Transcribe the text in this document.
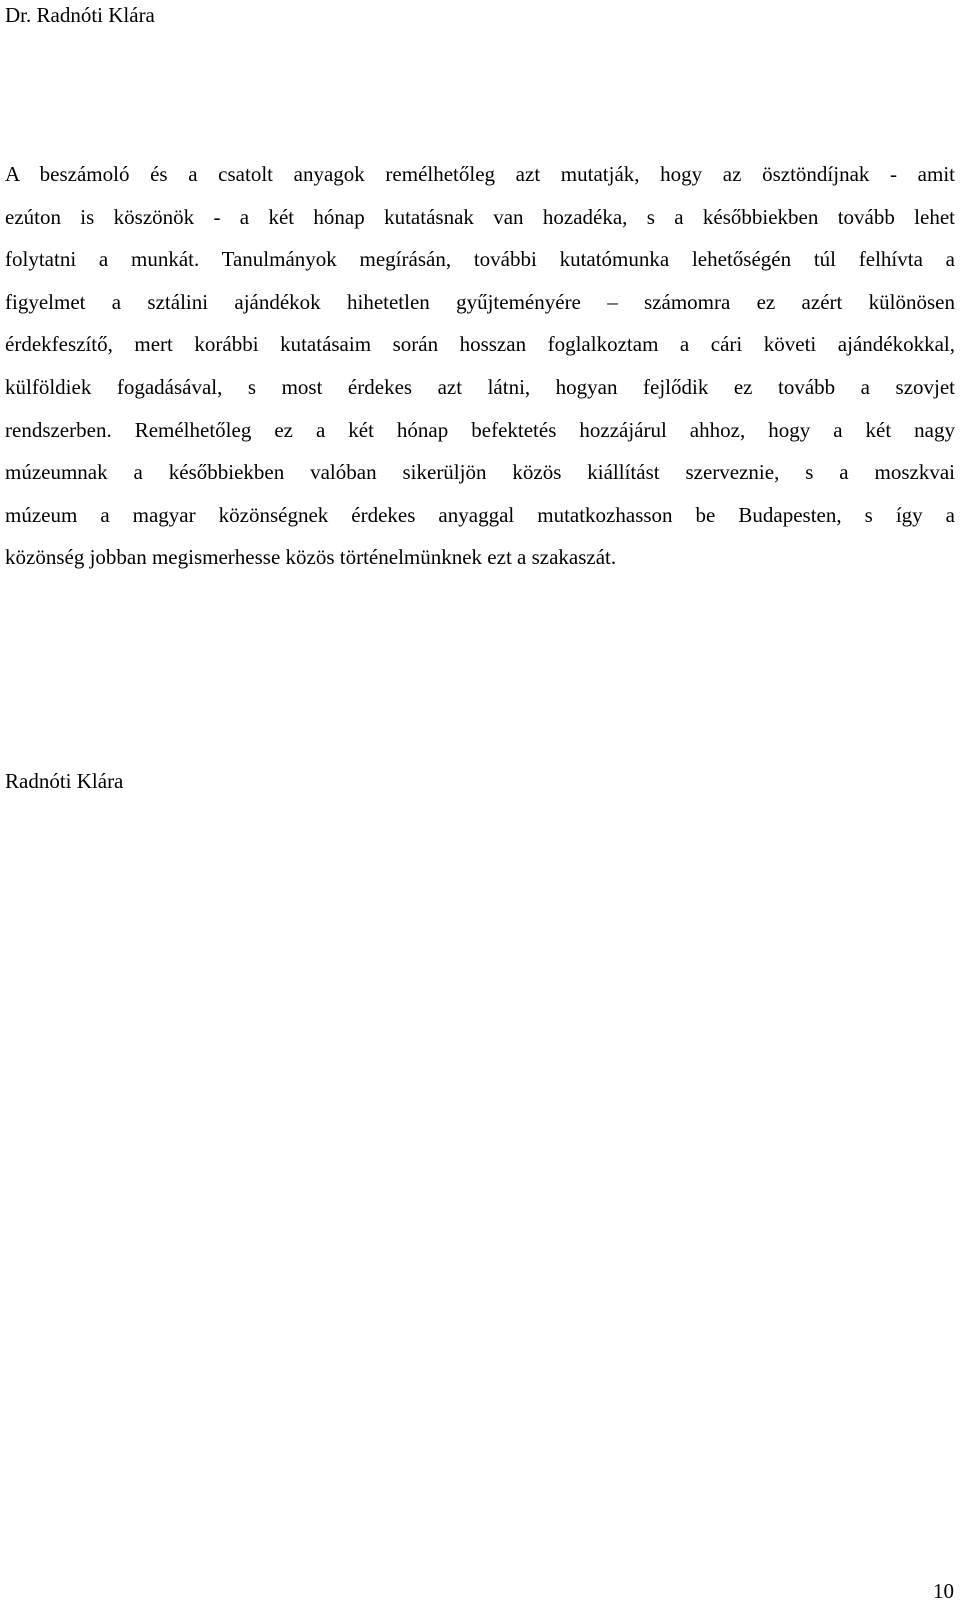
Dr. Radnóti Klára
A beszámoló és a csatolt anyagok remélhetőleg azt mutatják, hogy az ösztöndíjnak - amit
ezúton is köszönök - a két hónap kutatásnak van hozadéka, s a későbbiekben tovább lehet
folytatni a munkát. Tanulmányok megírásán, további kutatómunka lehetőségén túl felhívta a
figyelmet a sztálini ajándékok hihetetlen gyűjteményére – számomra ez azért különösen
érdekfeszítő, mert korábbi kutatásaim során hosszan foglalkoztam a cári követi ajándékokkal,
külföldiek fogadásával, s most érdekes azt látni, hogyan fejlődik ez tovább a szovjet
rendszerben. Remélhetőleg ez a két hónap befektetés hozzájárul ahhoz, hogy a két nagy
múzeumnak a későbbiekben valóban sikerüljön közös kiállítást szerveznie, s a moszkvai
múzeum a magyar közönségnek érdekes anyaggal mutatkozhasson be Budapesten, s így a
közönség jobban megismerhesse közös történelmünknek ezt a szakaszát.
Radnóti Klára
10
